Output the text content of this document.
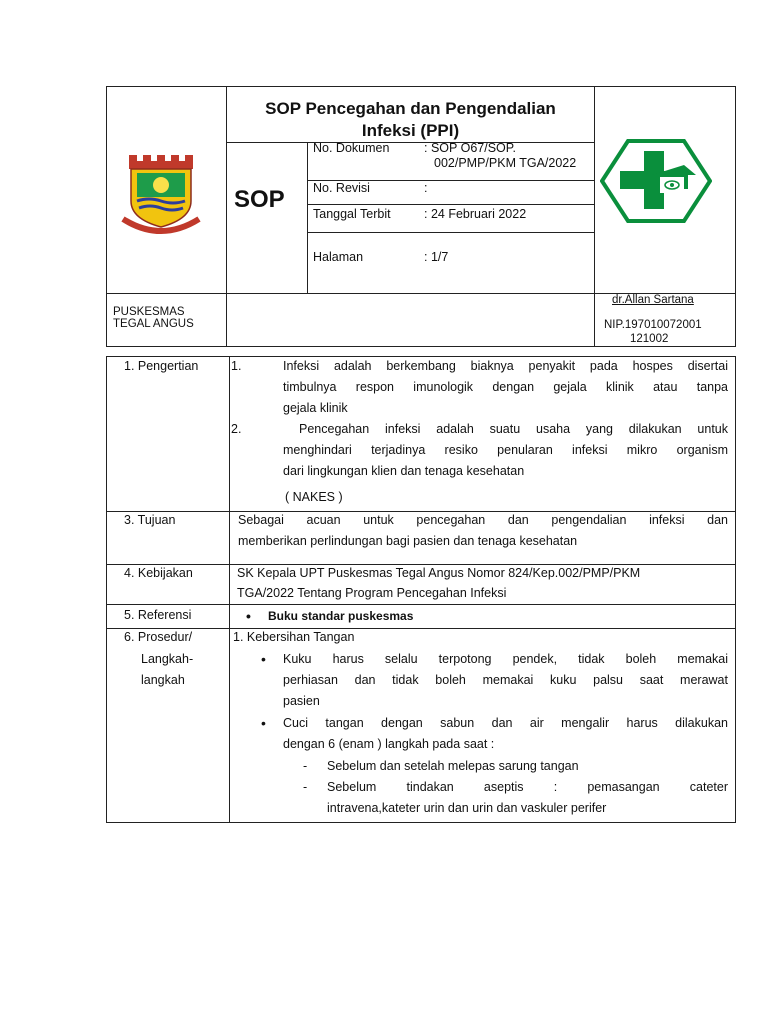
SOP Pencegahan dan Pengendalian
Infeksi (PPI)
SOP
No. Dokumen	: SOP O67/SOP.
002/PMP/PKM TGA/2022
No. Revisi	:
Tanggal Terbit	: 24 Februari 2022
Halaman	: 1/7
PUSKESMAS
TEGAL ANGUS
dr.Allan Sartana
NIP.197010072001
121002
1. Pengertian	1.	Infeksi adalah berkembang biaknya penyakit pada hospes disertai
timbulnya respon imunologik dengan gejala klinik atau tanpa
gejala klinik
2.	Pencegahan infeksi adalah suatu usaha yang dilakukan untuk
menghindari terjadinya resiko penularan infeksi mikro organism
dari lingkungan klien dan tenaga kesehatan
( NAKES )
3. Tujuan	Sebagai acuan untuk pencegahan dan pengendalian infeksi dan
memberikan perlindungan bagi pasien dan tenaga kesehatan
4. Kebijakan	SK Kepala UPT Puskesmas Tegal Angus Nomor 824/Kep.002/PMP/PKM
TGA/2022 Tentang Program Pencegahan Infeksi
5. Referensi
•	Buku standar puskesmas
6. Prosedur/
Langkah-
langkah
1. Kebersihan Tangan
• Kuku harus selalu terpotong pendek, tidak boleh memakai
perhiasan dan tidak boleh memakai kuku palsu saat merawat
pasien
• Cuci tangan dengan sabun dan air mengalir harus dilakukan
dengan 6 (enam ) langkah pada saat :
- Sebelum dan setelah melepas sarung tangan
- Sebelum tindakan aseptis : pemasangan cateter
intravena,kateter urin dan urin dan vaskuler perifer
